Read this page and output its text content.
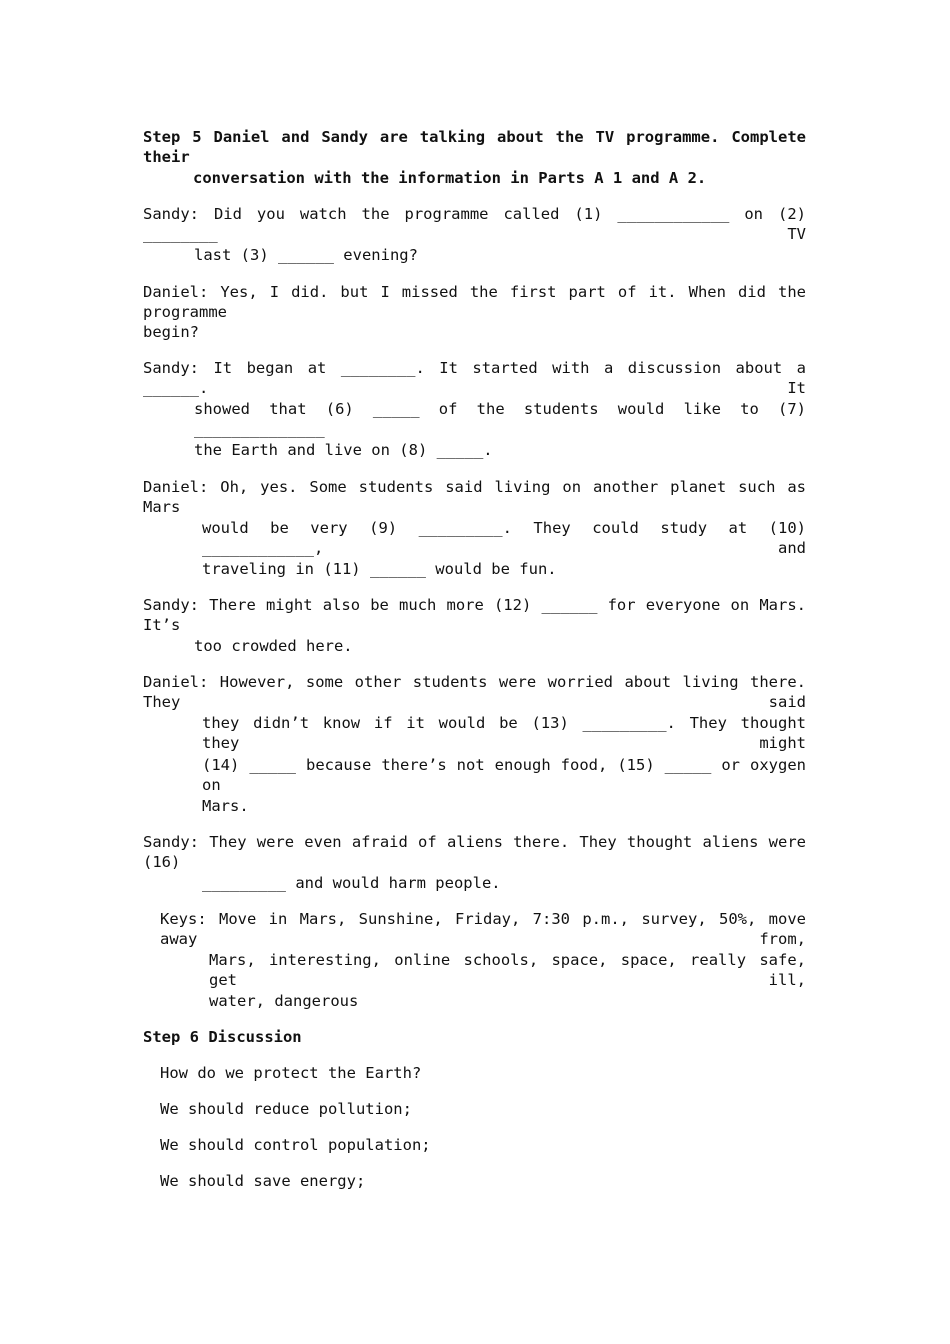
Step 5 Daniel and Sandy are talking about the TV programme. Complete their
conversation with the information in Parts A 1 and A 2.
Sandy: Did you watch the programme called (1) ____________ on (2) ________ TV
last (3) ______ evening?
Daniel: Yes, I did. but I missed the first part of it. When did the programme
begin?
Sandy: It began at ________. It started with a discussion about a ______. It
showed that (6) _____ of the students would like to (7) ______________
the Earth and live on (8) _____.
Daniel: Oh, yes. Some students said living on another planet such as Mars
would be very (9) _________. They could study at (10) ____________, and
traveling in (11) ______ would be fun.
Sandy: There might also be much more (12) ______ for everyone on Mars. It’s
too crowded here.
Daniel: However, some other students were worried about living there. They said
they didn’t know if it would be (13) _________. They thought they might
(14) _____ because there’s not enough food, (15) _____ or oxygen on
Mars.
Sandy: They were even afraid of aliens there. They thought aliens were (16)
_________ and would harm people.
Keys: Move in Mars, Sunshine, Friday, 7:30 p.m., survey, 50%, move away from,
Mars, interesting, online schools, space, space, really safe, get ill,
water, dangerous
Step 6 Discussion
How do we protect the Earth?
We should reduce pollution;
We should control population;
We should save energy;
